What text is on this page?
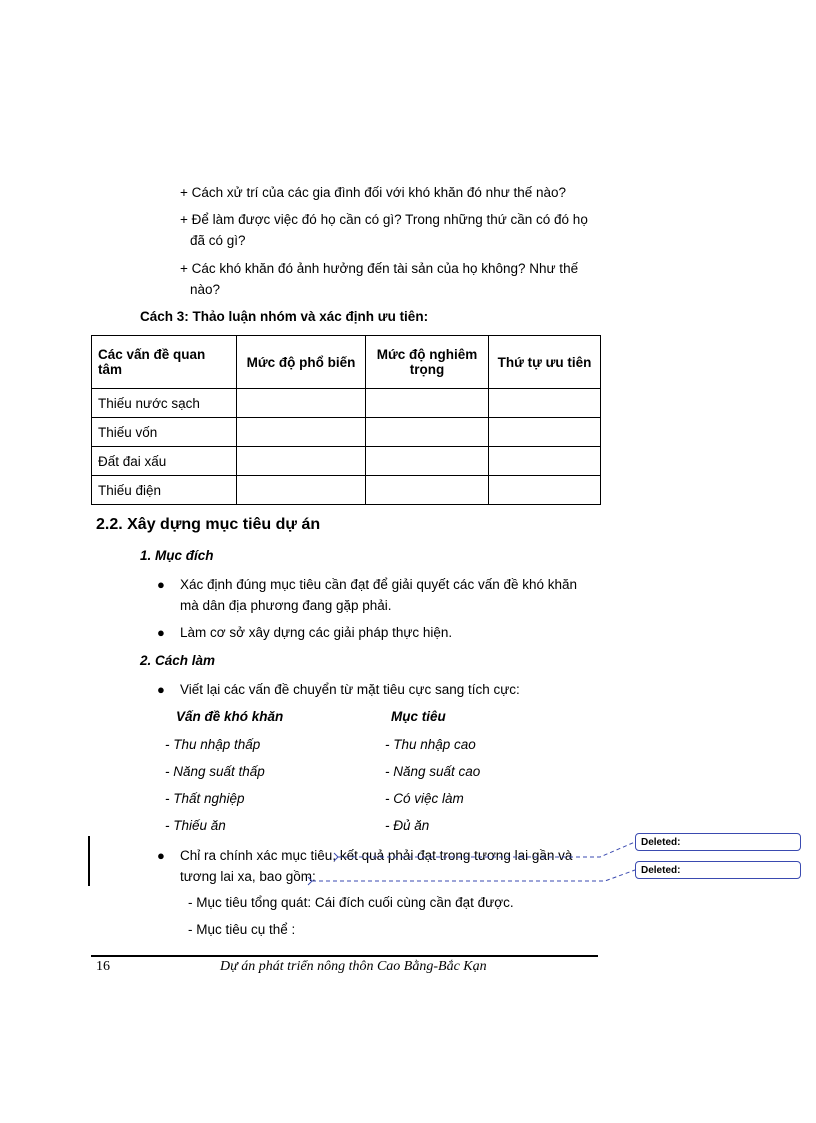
+ Cách xử trí của các gia đình đối với khó khăn đó như thế nào?
+ Để làm được việc đó họ cần có gì? Trong những thứ cần có đó họ
đã có gì?
+ Các khó khăn đó ảnh hưởng đến tài sản của họ không? Như thế
nào?
Cách 3: Thảo luận nhóm và xác định ưu tiên:
Các vấn đề quan tâm	Mức độ phổ biến	Mức độ nghiêm trọng	Thứ tự ưu tiên
Thiếu nước sạch			
Thiếu vốn			
Đất đai xấu			
Thiếu điện			
2.2. Xây dựng mục tiêu dự án
1. Mục đích
●	Xác định đúng mục tiêu cần đạt để giải quyết các vấn đề khó khăn
mà dân địa phương đang gặp phải.
●	Làm cơ sở xây dựng các giải pháp thực hiện.
2. Cách làm
●	Viết lại các vấn đề chuyển từ mặt tiêu cực sang tích cực:
Vấn đề khó khăn	Mục tiêu
- Thu nhập thấp	- Thu nhập cao
- Năng suất thấp	- Năng suất cao
- Thất nghiệp	- Có việc làm
- Thiếu ăn	- Đủ ăn
●	Chỉ ra chính xác mục tiêu, kết quả phải đạt trong tương lai gần và
tương lai xa, bao gồm:
Deleted:
Deleted:
- Mục tiêu tổng quát: Cái đích cuối cùng cần đạt được.
- Mục tiêu cụ thể :
16	Dự án phát triển nông thôn Cao Bằng-Bắc Kạn
